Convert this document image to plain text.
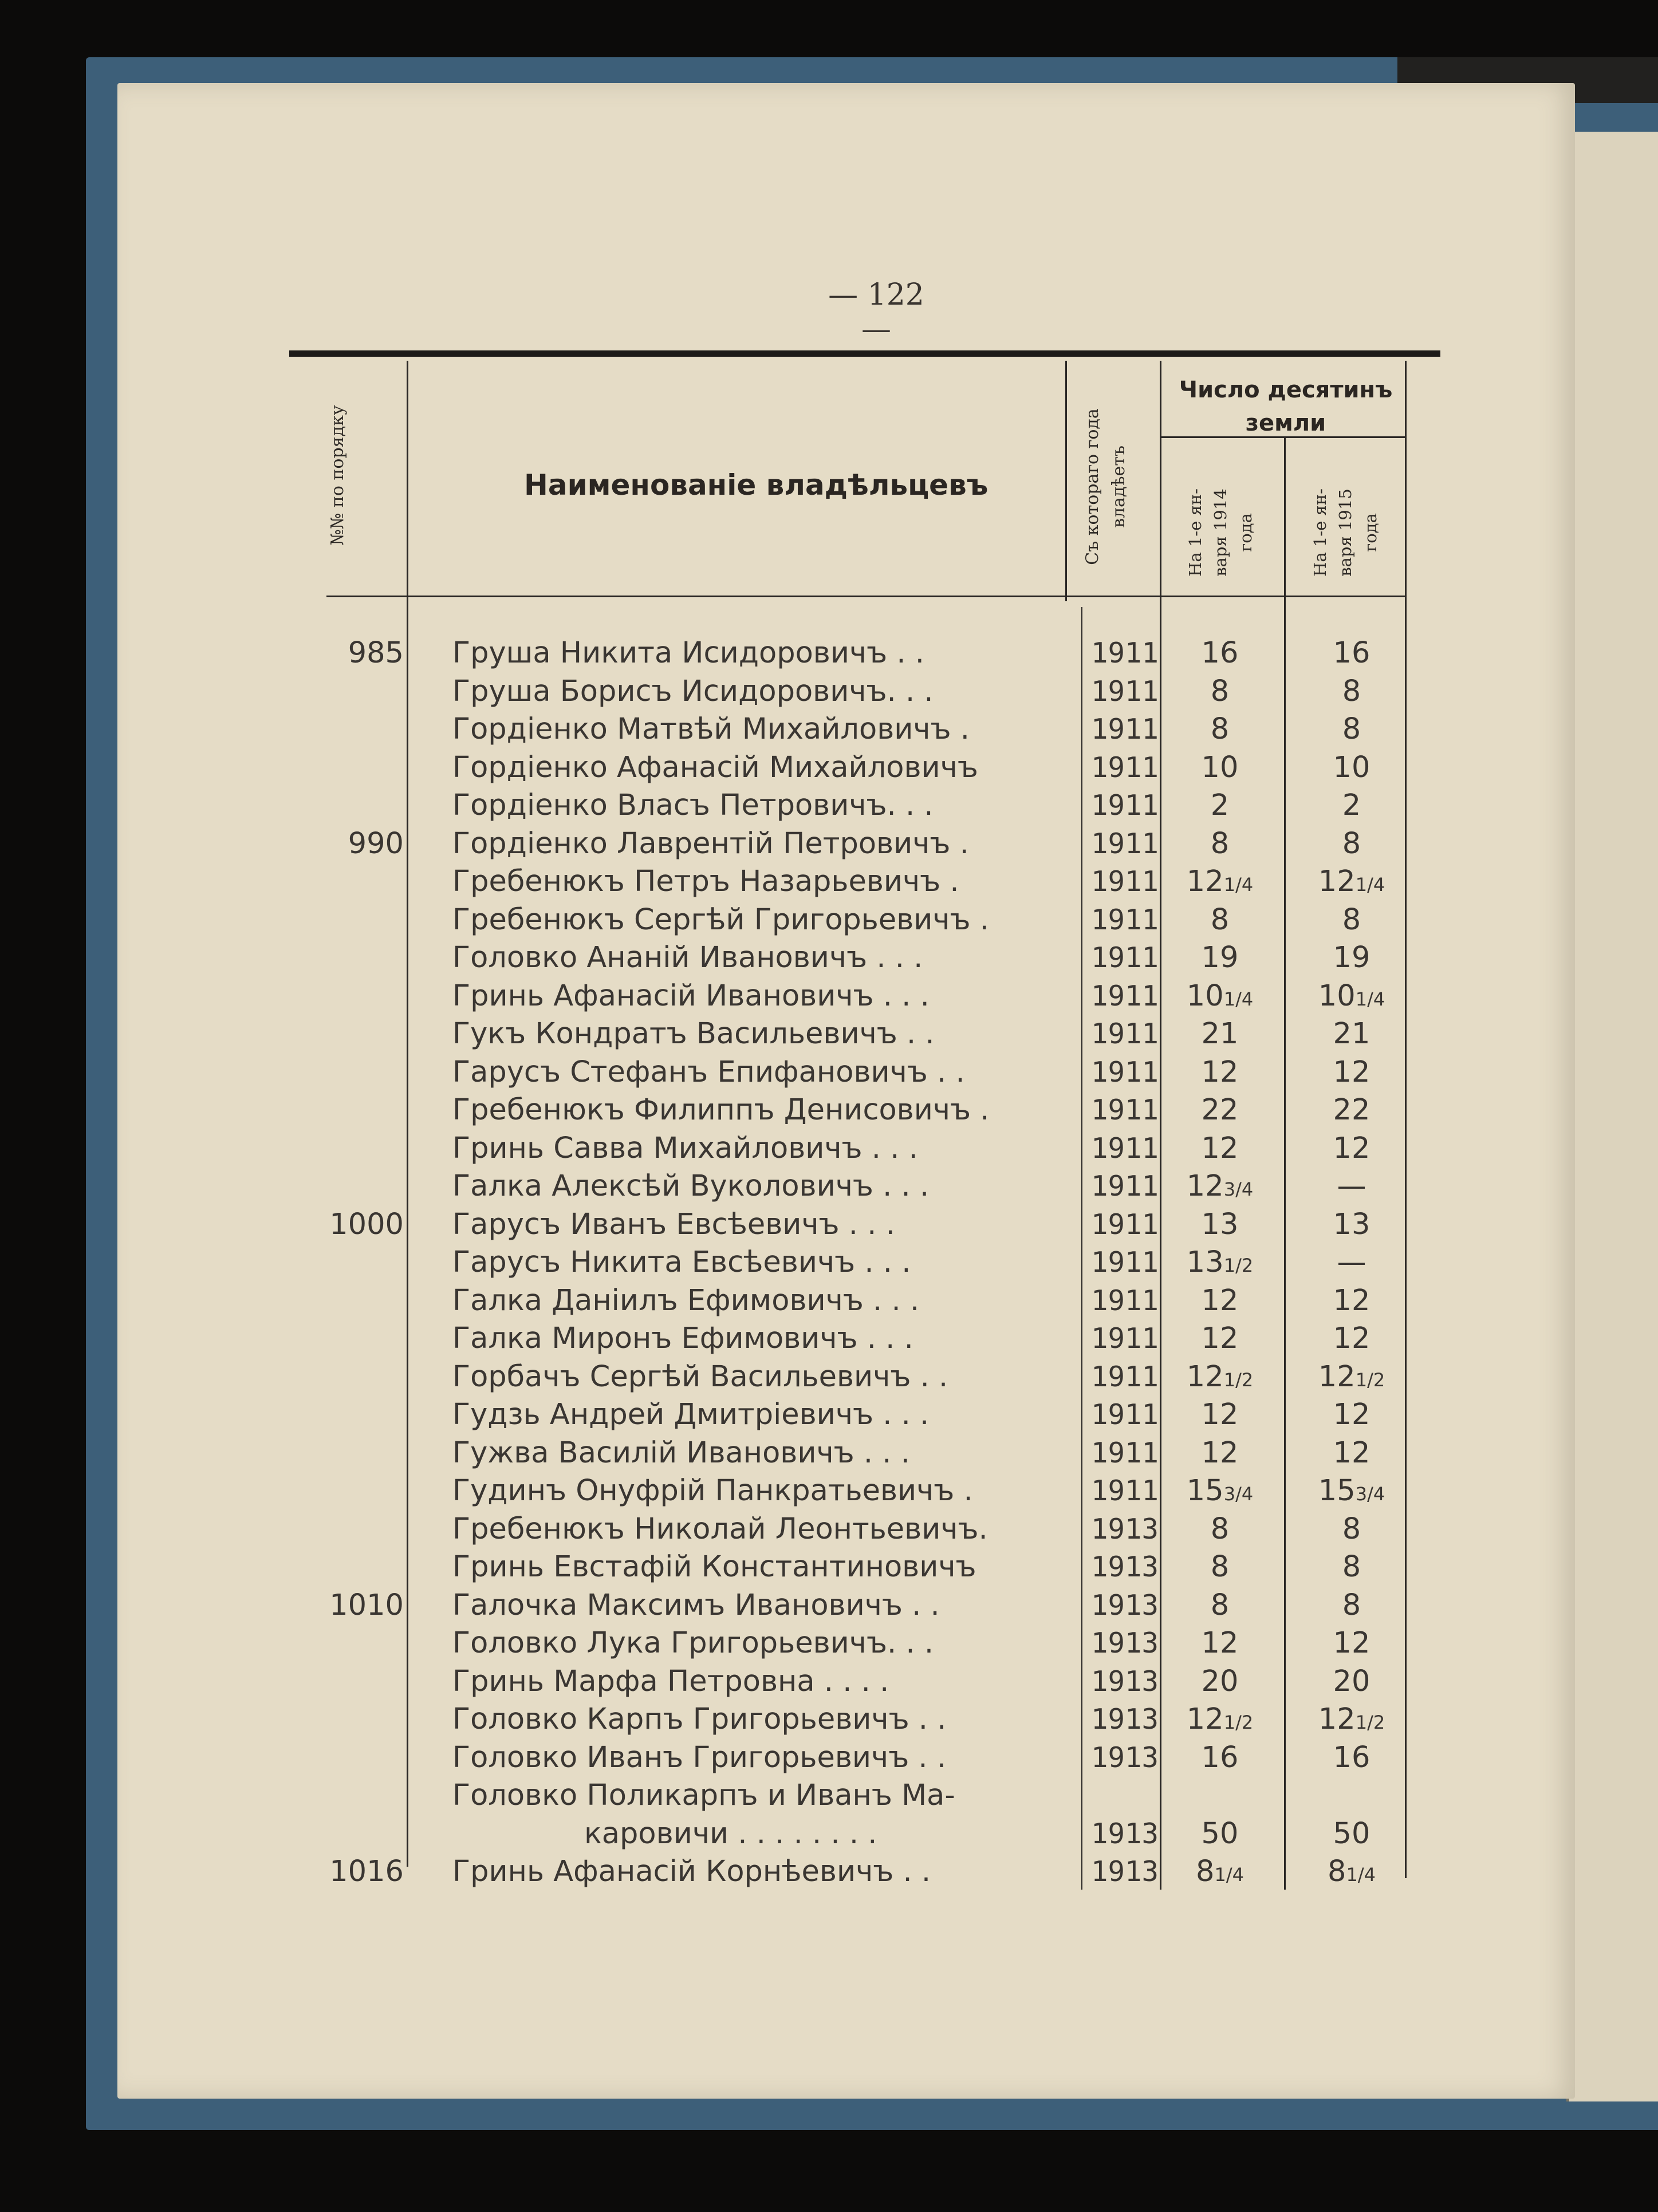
— 122 —
№№ по порядку	Наименованіе владѣльцевъ	Съ котораго года владѣетъ
Число десятинъ
земли
На 1-е ян- варя 1914 года	На 1-е ян- варя 1915 года
985 Груша Никита Исидоровичъ . .	1911	16	16
Груша Борисъ Исидоровичъ. . .	1911	8	8
Гордіенко Матвѣй Михайловичъ .	1911	8	8
Гордіенко Афанасій Михайловичъ	1911	10	10
Гордіенко Власъ Петровичъ. . .	1911	2	2
990 Гордіенко Лаврентій Петровичъ .	1911	8	8
Гребенюкъ Петръ Назарьевичъ .	1911 121/4	121/4
Гребенюкъ Сергѣй Григорьевичъ .	1911	8	8
Головко Ананій Ивановичъ . . .	1911	19	19
Гринь Афанасій Ивановичъ . . .	1911 101/4	101/4
Гукъ Кондратъ Васильевичъ . .	1911	21	21
Гарусъ Стефанъ Епифановичъ . .	1911	12	12
Гребенюкъ Филиппъ Денисовичъ .	1911	22	22
Гринь Савва Михайловичъ . . .	1911	12	12
Галка Алексѣй Вуколовичъ . . .	1911 123/4	—
1000 Гарусъ Иванъ Евсѣевичъ . . .	1911	13	13
Гарусъ Никита Евсѣевичъ . . .	1911 131/2	—
Галка Даніилъ Ефимовичъ . . .	1911	12	12
Галка Миронъ Ефимовичъ . . .	1911	12	12
Горбачъ Сергѣй Васильевичъ . .	1911 121/2	121/2
Гудзь Андрей Дмитріевичъ . . .	1911	12	12
Гужва Василій Ивановичъ . . .	1911	12	12
Гудинъ Онуфрій Панкратьевичъ .	1911 153/4	153/4
Гребенюкъ Николай Леонтьевичъ.	1913	8	8
Гринь Евстафій Константиновичъ	1913	8	8
1010 Галочка Максимъ Ивановичъ . .	1913	8	8
Головко Лука Григорьевичъ. . .	1913	12	12
Гринь Марфа Петровна . . . .	1913	20	20
Головко Карпъ Григорьевичъ . .	1913 121/2	121/2
Головко Иванъ Григорьевичъ . .	1913	16	16
Головко Поликарпъ и Иванъ Ма-
каровичи . . . . . . . .	1913	50	50
1016 Гринь Афанасій Корнѣевичъ . .	1913	81/4	81/4
